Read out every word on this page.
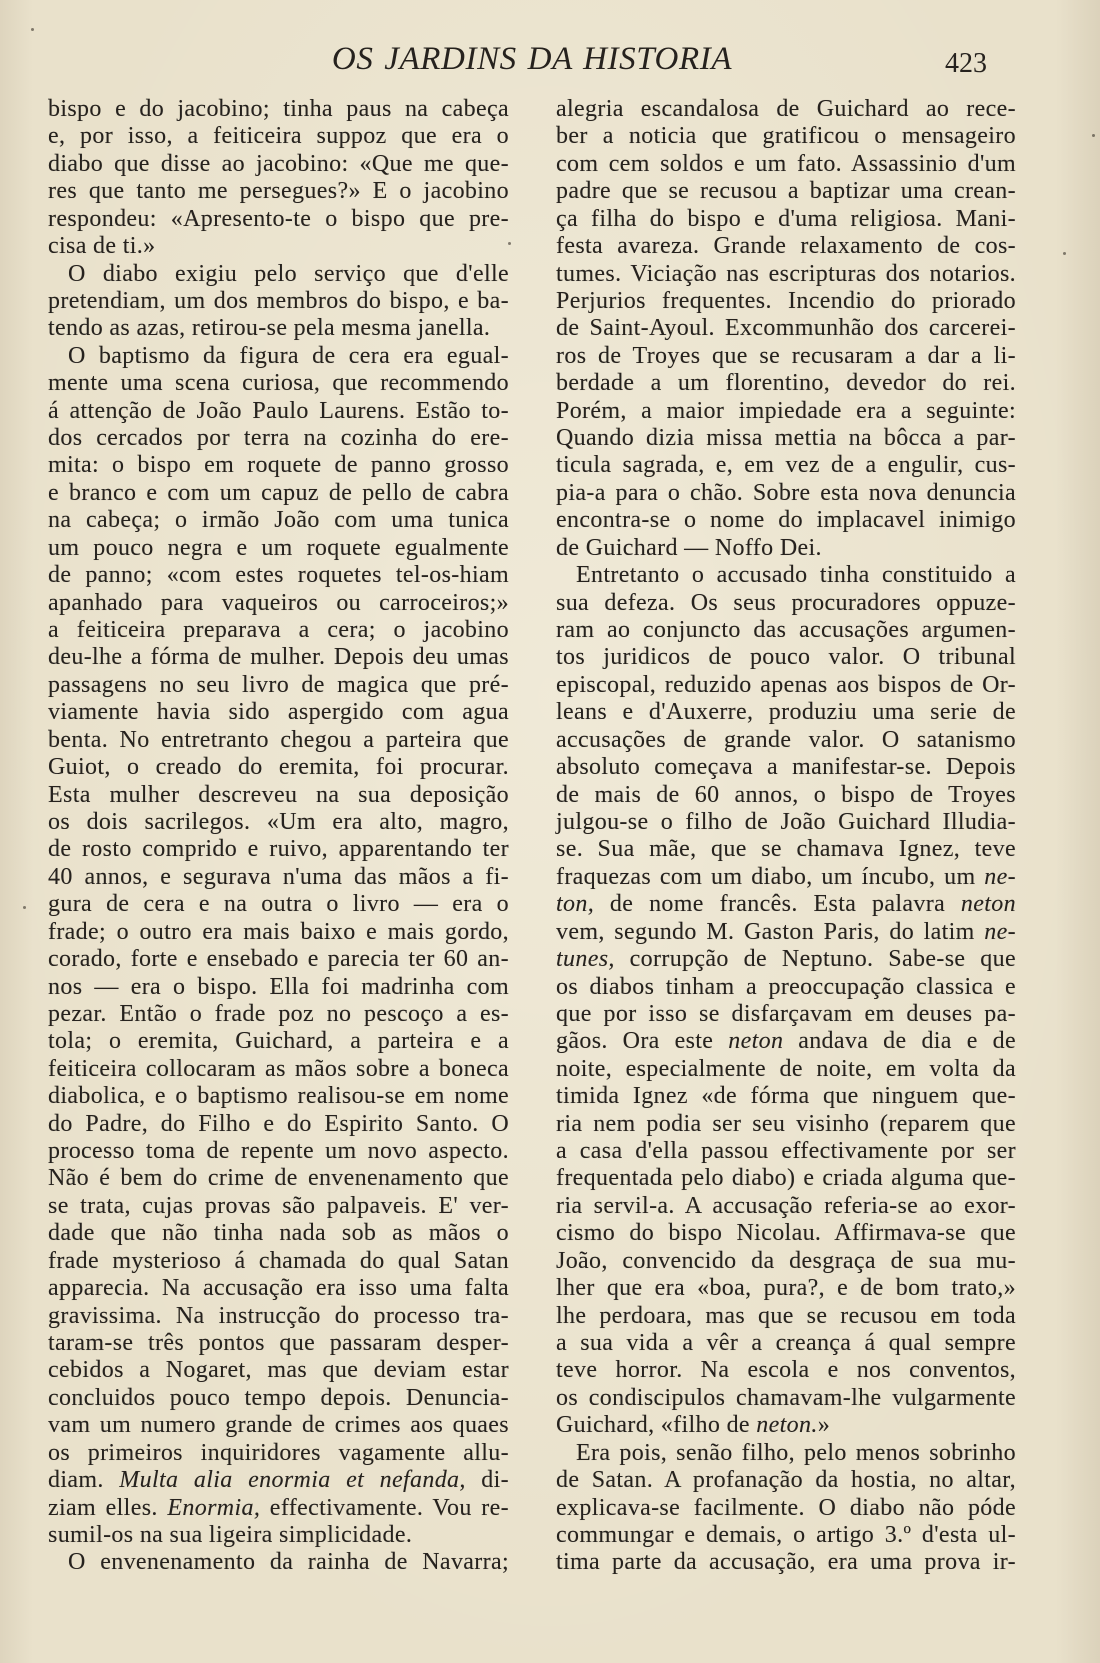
OS JARDINS DA HISTORIA	423
bispo e do jacobino; tinha paus na cabeça
e, por isso, a feiticeira suppoz que era o
diabo que disse ao jacobino: «Que me que-
res que tanto me persegues?» E o jacobino
respondeu: «Apresento-te o bispo que pre-
cisa de ti.»
O diabo exigiu pelo serviço que d'elle
pretendiam, um dos membros do bispo, e ba-
tendo as azas, retirou-se pela mesma janella.
O baptismo da figura de cera era egual-
mente uma scena curiosa, que recommendo
á attenção de João Paulo Laurens. Estão to-
dos cercados por terra na cozinha do ere-
mita: o bispo em roquete de panno grosso
e branco e com um capuz de pello de cabra
na cabeça; o irmão João com uma tunica
um pouco negra e um roquete egualmente
de panno; «com estes roquetes tel-os-hiam
apanhado para vaqueiros ou carroceiros;»
a feiticeira preparava a cera; o jacobino
deu-lhe a fórma de mulher. Depois deu umas
passagens no seu livro de magica que pré-
viamente havia sido aspergido com agua
benta. No entretranto chegou a parteira que
Guiot, o creado do eremita, foi procurar.
Esta mulher descreveu na sua deposição
os dois sacrilegos. «Um era alto, magro,
de rosto comprido e ruivo, apparentando ter
40 annos, e segurava n'uma das mãos a fi-
gura de cera e na outra o livro — era o
frade; o outro era mais baixo e mais gordo,
corado, forte e ensebado e parecia ter 60 an-
nos — era o bispo. Ella foi madrinha com
pezar. Então o frade poz no pescoço a es-
tola; o eremita, Guichard, a parteira e a
feiticeira collocaram as mãos sobre a boneca
diabolica, e o baptismo realisou-se em nome
do Padre, do Filho e do Espirito Santo. O
processo toma de repente um novo aspecto.
Não é bem do crime de envenenamento que
se trata, cujas provas são palpaveis. E' ver-
dade que não tinha nada sob as mãos o
frade mysterioso á chamada do qual Satan
apparecia. Na accusação era isso uma falta
gravissima. Na instrucção do processo tra-
taram-se três pontos que passaram desper-
cebidos a Nogaret, mas que deviam estar
concluidos pouco tempo depois. Denuncia-
vam um numero grande de crimes aos quaes
os primeiros inquiridores vagamente allu-
diam. Multa alia enormia et nefanda, di-
ziam elles. Enormia, effectivamente. Vou re-
sumil-os na sua ligeira simplicidade.
O envenenamento da rainha de Navarra;
alegria escandalosa de Guichard ao rece-
ber a noticia que gratificou o mensageiro
com cem soldos e um fato. Assassinio d'um
padre que se recusou a baptizar uma crean-
ça filha do bispo e d'uma religiosa. Mani-
festa avareza. Grande relaxamento de cos-
tumes. Viciação nas escripturas dos notarios.
Perjurios frequentes. Incendio do priorado
de Saint-Ayoul. Excommunhão dos carcerei-
ros de Troyes que se recusaram a dar a li-
berdade a um florentino, devedor do rei.
Porém, a maior impiedade era a seguinte:
Quando dizia missa mettia na bôcca a par-
ticula sagrada, e, em vez de a engulir, cus-
pia-a para o chão. Sobre esta nova denuncia
encontra-se o nome do implacavel inimigo
de Guichard — Noffo Dei.
Entretanto o accusado tinha constituido a
sua defeza. Os seus procuradores oppuze-
ram ao conjuncto das accusações argumen-
tos juridicos de pouco valor. O tribunal
episcopal, reduzido apenas aos bispos de Or-
leans e d'Auxerre, produziu uma serie de
accusações de grande valor. O satanismo
absoluto começava a manifestar-se. Depois
de mais de 60 annos, o bispo de Troyes
julgou-se o filho de João Guichard Illudia-
se. Sua mãe, que se chamava Ignez, teve
fraquezas com um diabo, um íncubo, um ne-
ton, de nome francês. Esta palavra neton
vem, segundo M. Gaston Paris, do latim ne-
tunes, corrupção de Neptuno. Sabe-se que
os diabos tinham a preoccupação classica e
que por isso se disfarçavam em deuses pa-
gãos. Ora este neton andava de dia e de
noite, especialmente de noite, em volta da
timida Ignez «de fórma que ninguem que-
ria nem podia ser seu visinho (reparem que
a casa d'ella passou effectivamente por ser
frequentada pelo diabo) e criada alguma que-
ria servil-a. A accusação referia-se ao exor-
cismo do bispo Nicolau. Affirmava-se que
João, convencido da desgraça de sua mu-
lher que era «boa, pura?, e de bom trato,»
lhe perdoara, mas que se recusou em toda
a sua vida a vêr a creança á qual sempre
teve horror. Na escola e nos conventos,
os condiscipulos chamavam-lhe vulgarmente
Guichard, «filho de neton.»
Era pois, senão filho, pelo menos sobrinho
de Satan. A profanação da hostia, no altar,
explicava-se facilmente. O diabo não póde
commungar e demais, o artigo 3.º d'esta ul-
tima parte da accusação, era uma prova ir-
